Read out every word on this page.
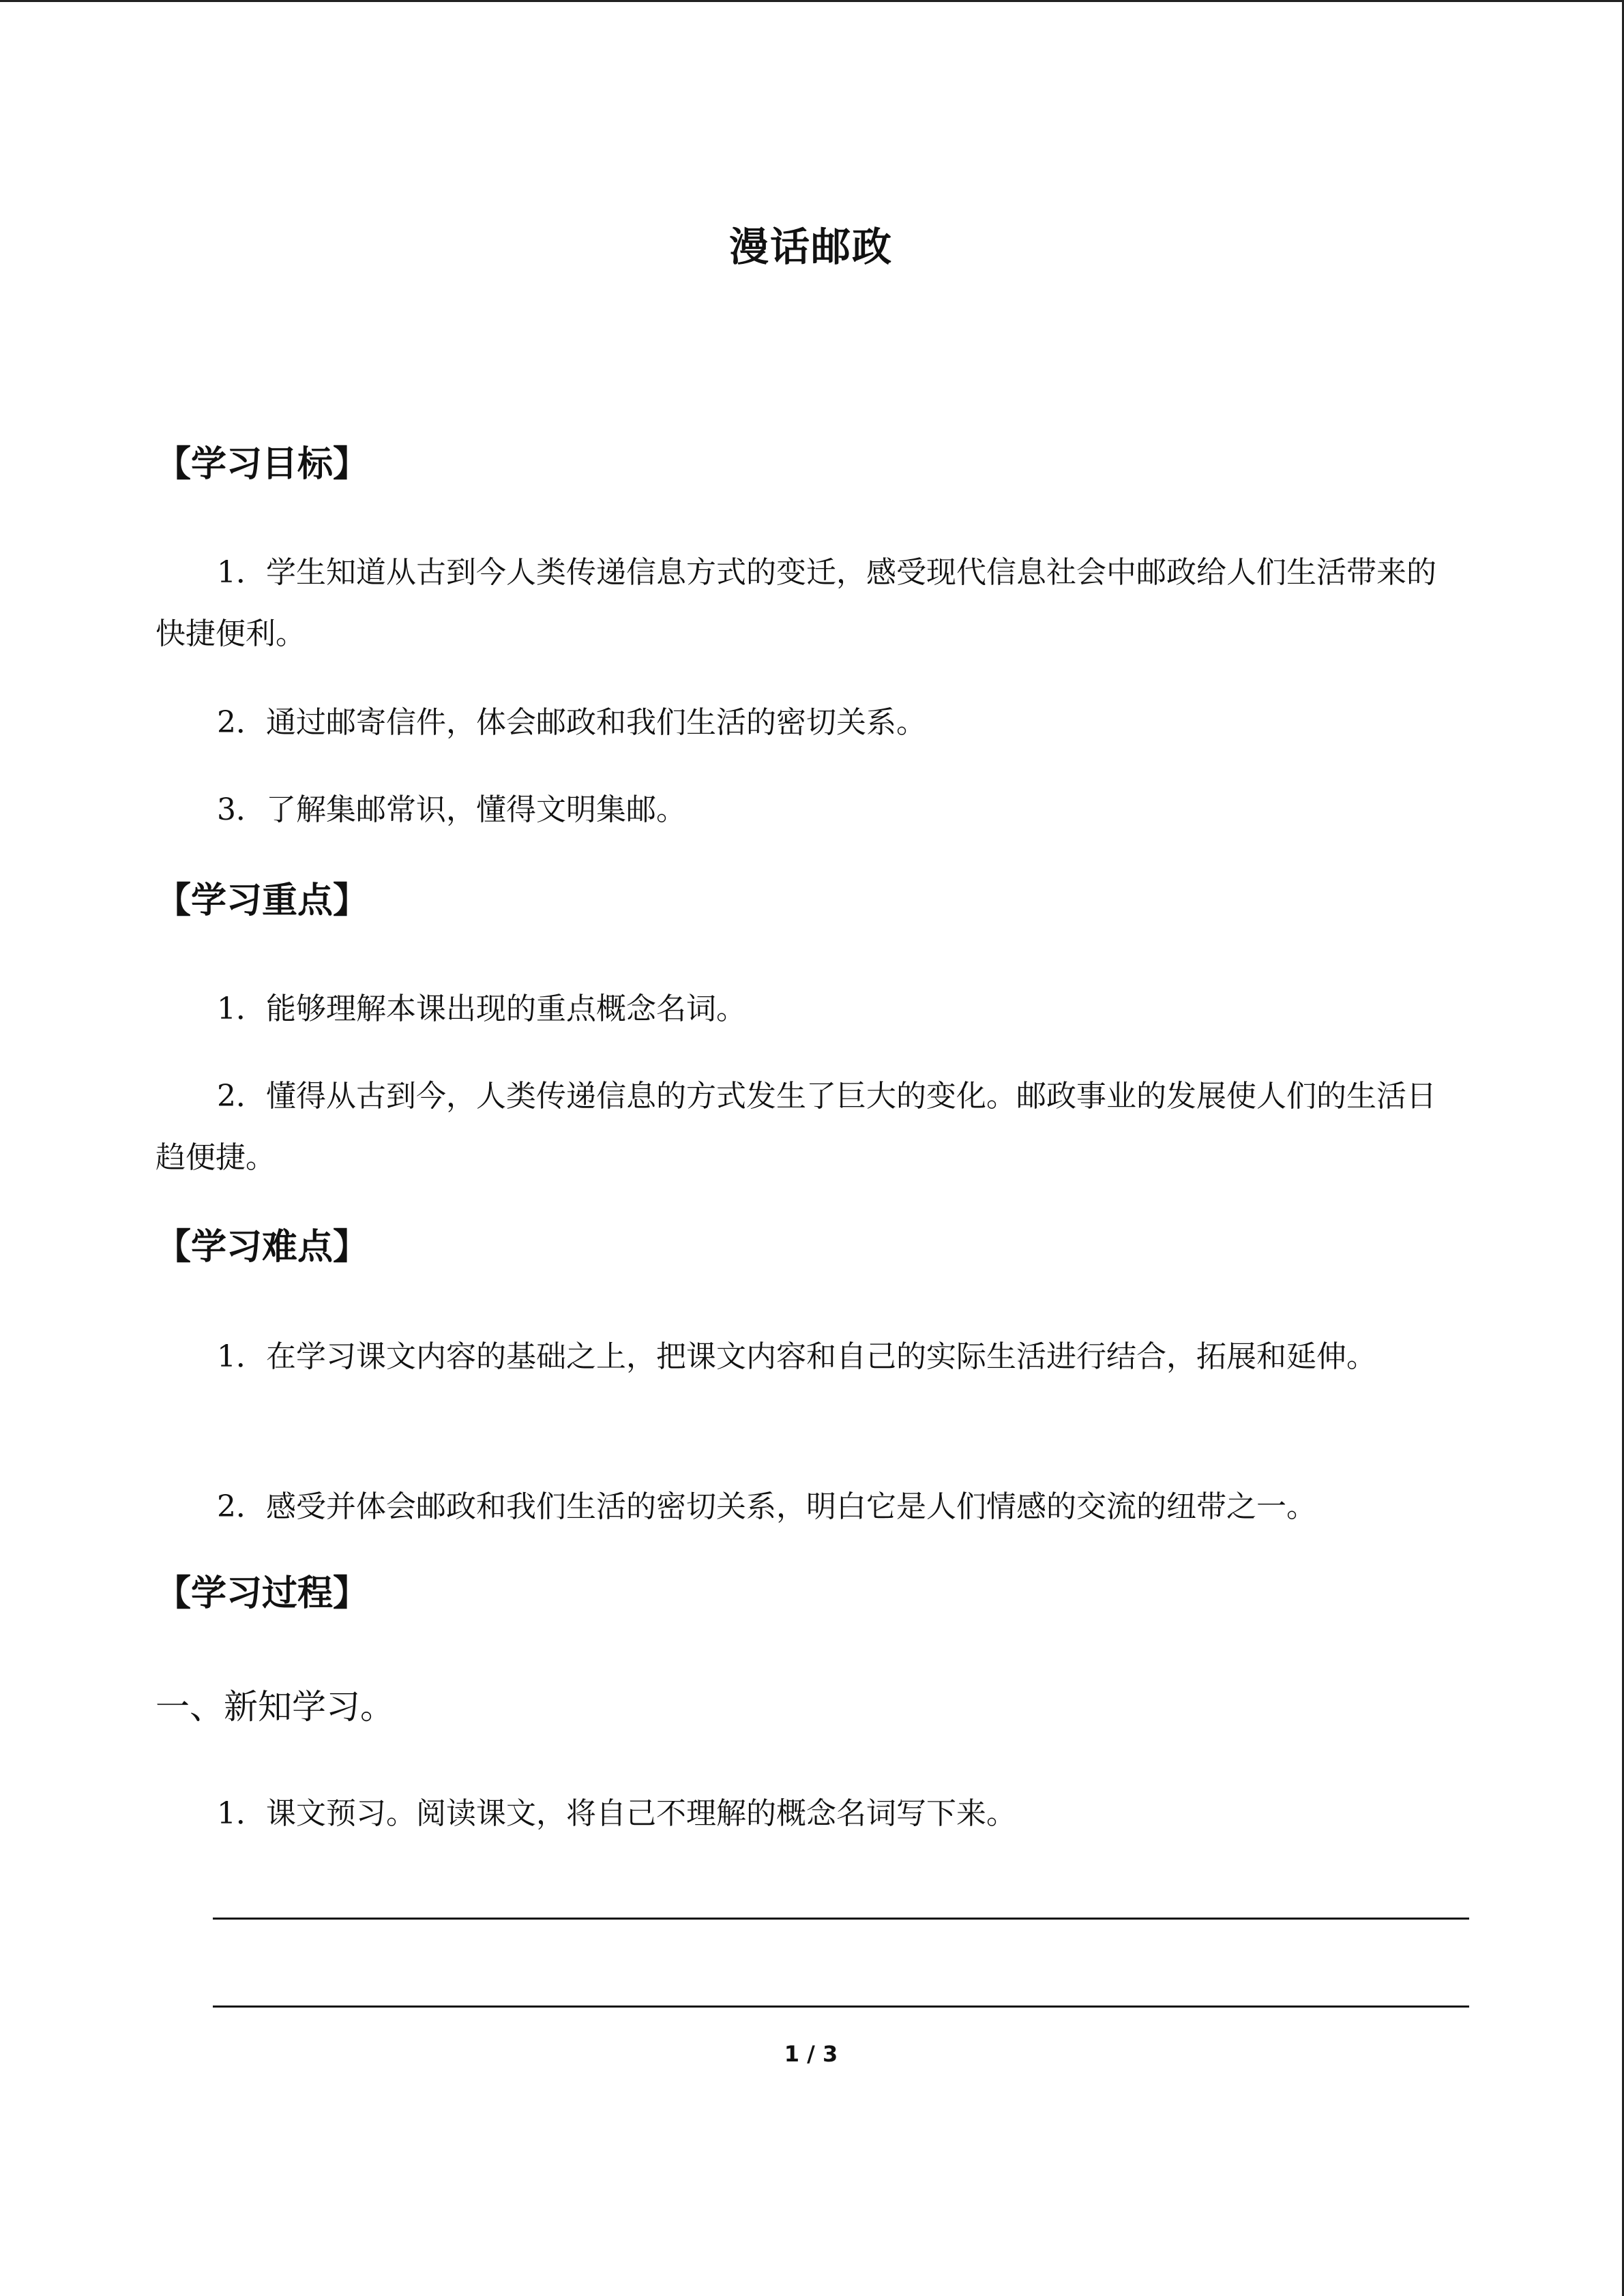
漫话邮政
【学习目标】
1．学生知道从古到今人类传递信息方式的变迁，感受现代信息社会中邮政给人们生活带来的快捷便利。
2．通过邮寄信件，体会邮政和我们生活的密切关系。
3．了解集邮常识，懂得文明集邮。
【学习重点】
1．能够理解本课出现的重点概念名词。
2．懂得从古到今，人类传递信息的方式发生了巨大的变化。邮政事业的发展使人们的生活日趋便捷。
【学习难点】
1．在学习课文内容的基础之上，把课文内容和自己的实际生活进行结合，拓展和延伸。
2．感受并体会邮政和我们生活的密切关系，明白它是人们情感的交流的纽带之一。
【学习过程】
一、新知学习。
1．课文预习。阅读课文，将自己不理解的概念名词写下来。
1 / 3
